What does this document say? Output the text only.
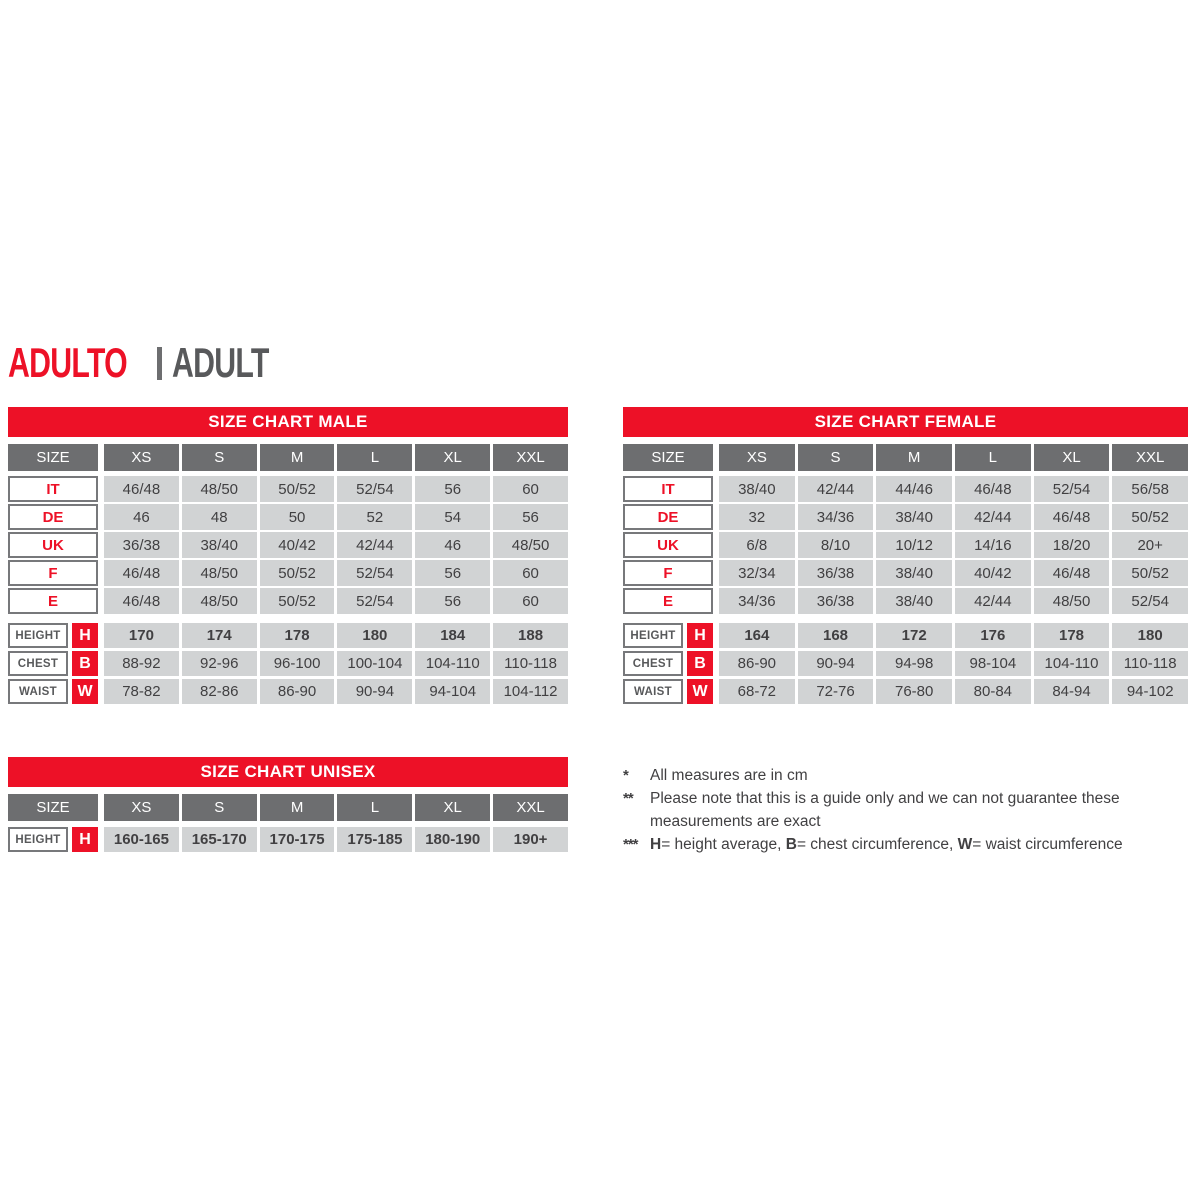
ADULTO ADULT
SIZE CHART MALE
SIZE	XS	S	M	L	XL	XXL
IT	46/48	48/50	50/52	52/54	56	60
DE	46	48	50	52	54	56
UK	36/38	38/40	40/42	42/44	46	48/50
F	46/48	48/50	50/52	52/54	56	60
E	46/48	48/50	50/52	52/54	56	60
HEIGHT	H	170	174	178	180	184	188
CHEST	B	88-92	92-96	96-100	100-104	104-110	110-118
WAIST	W	78-82	82-86	86-90	90-94	94-104	104-112
SIZE CHART FEMALE
SIZE	XS	S	M	L	XL	XXL
IT	38/40	42/44	44/46	46/48	52/54	56/58
DE	32	34/36	38/40	42/44	46/48	50/52
UK	6/8	8/10	10/12	14/16	18/20	20+
F	32/34	36/38	38/40	40/42	46/48	50/52
E	34/36	36/38	38/40	42/44	48/50	52/54
HEIGHT	H	164	168	172	176	178	180
CHEST	B	86-90	90-94	94-98	98-104	104-110	110-118
WAIST	W	68-72	72-76	76-80	80-84	84-94	94-102
SIZE CHART UNISEX
SIZE	XS	S	M	L	XL	XXL
HEIGHT	H	160-165	165-170	170-175	175-185	180-190	190+
*	All measures are in cm
**	Please note that this is a guide only and we can not guarantee these measurements are exact
*** H= height average, B= chest circumference, W= waist circumference
